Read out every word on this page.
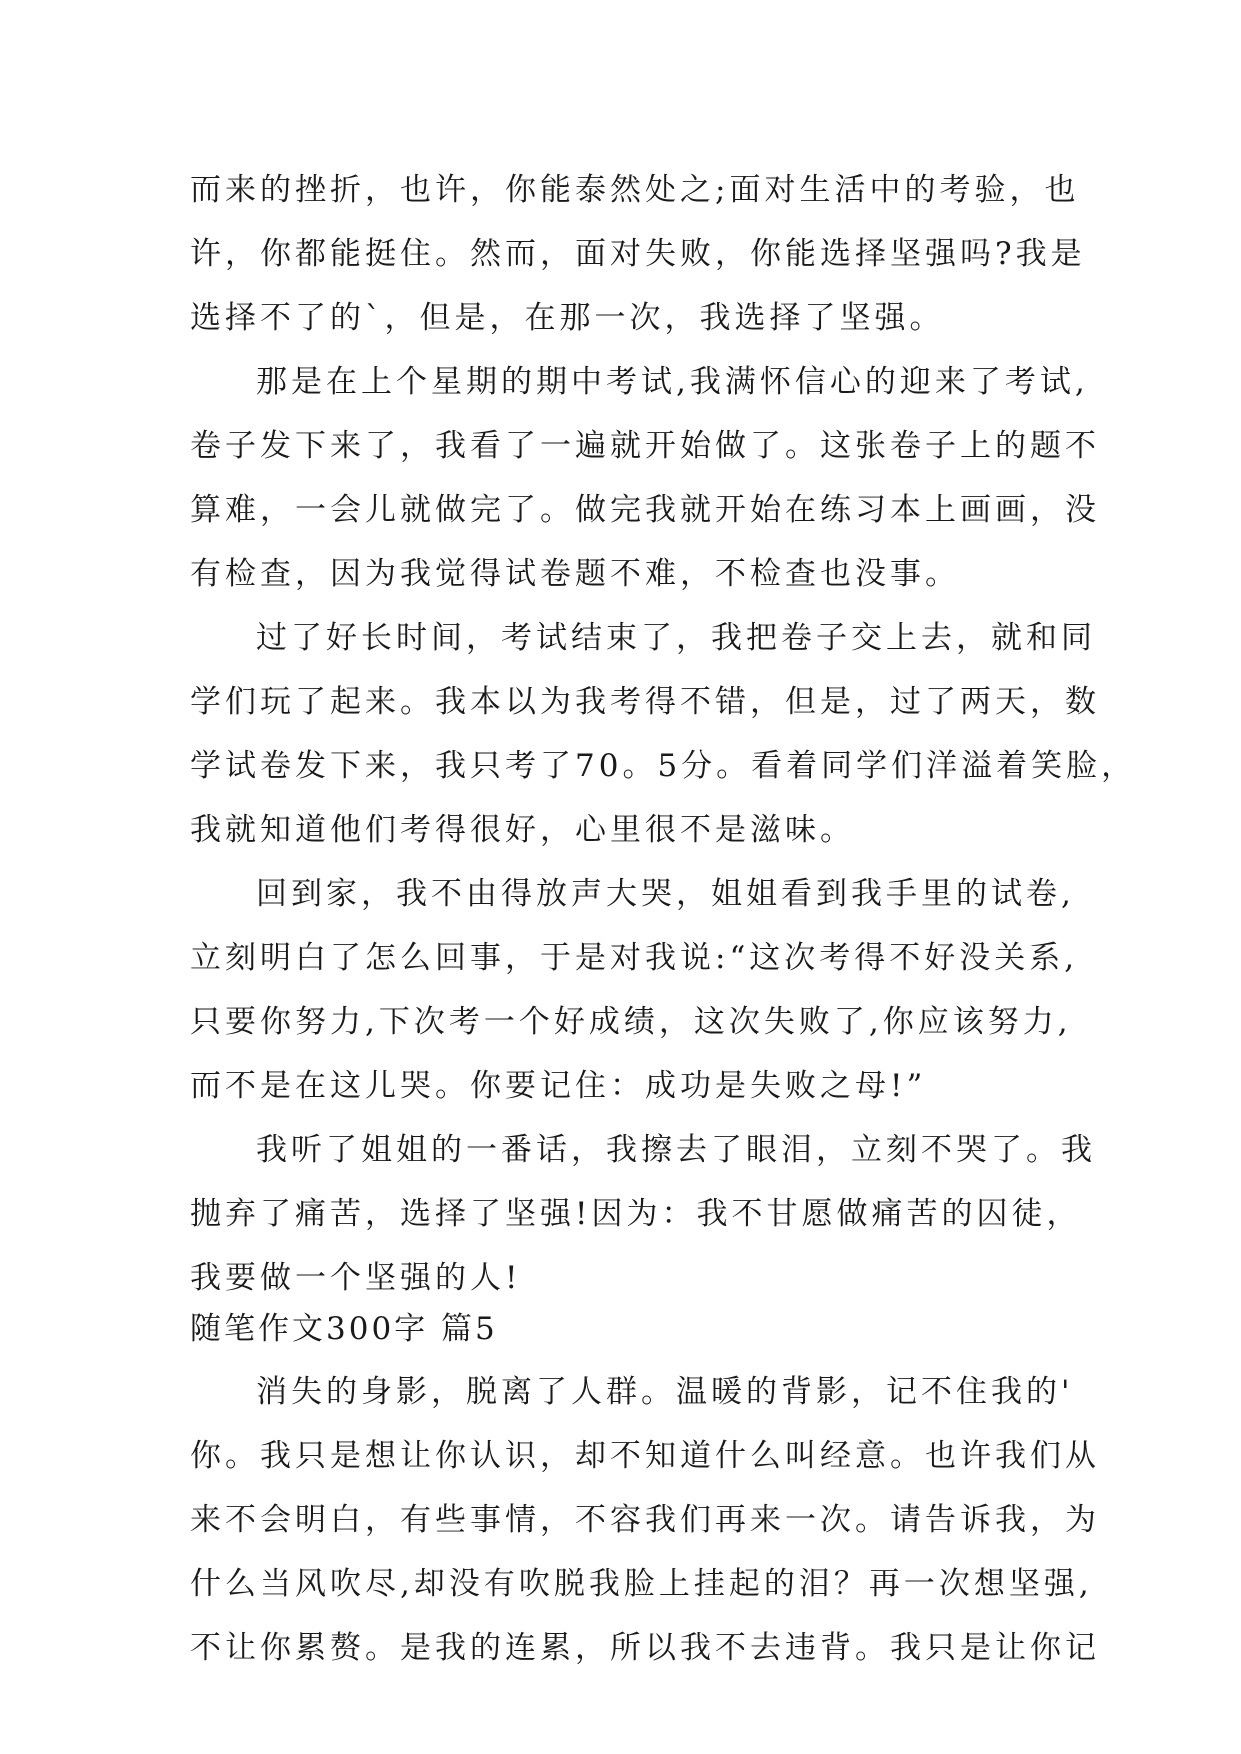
而来的挫折，也许，你能泰然处之;面对生活中的考验，也
许，你都能挺住。然而，面对失败，你能选择坚强吗?我是
选择不了的`，但是，在那一次，我选择了坚强。
那是在上个星期的期中考试,我满怀信心的迎来了考试,
卷子发下来了，我看了一遍就开始做了。这张卷子上的题不
算难，一会儿就做完了。做完我就开始在练习本上画画，没
有检查，因为我觉得试卷题不难，不检查也没事。
过了好长时间，考试结束了，我把卷子交上去，就和同
学们玩了起来。我本以为我考得不错，但是，过了两天，数
学试卷发下来，我只考了70。5分。看着同学们洋溢着笑脸，
我就知道他们考得很好，心里很不是滋味。
回到家，我不由得放声大哭，姐姐看到我手里的试卷,
立刻明白了怎么回事，于是对我说:“这次考得不好没关系,
只要你努力,下次考一个好成绩，这次失败了,你应该努力,
而不是在这儿哭。你要记住：成功是失败之母!”
我听了姐姐的一番话，我擦去了眼泪，立刻不哭了。我
抛弃了痛苦，选择了坚强!因为：我不甘愿做痛苦的囚徒，
我要做一个坚强的人!
随笔作文300字 篇5
消失的身影，脱离了人群。温暖的背影，记不住我的'
你。我只是想让你认识，却不知道什么叫经意。也许我们从
来不会明白，有些事情，不容我们再来一次。请告诉我，为
什么当风吹尽,却没有吹脱我脸上挂起的泪？再一次想坚强,
不让你累赘。是我的连累，所以我不去违背。我只是让你记
